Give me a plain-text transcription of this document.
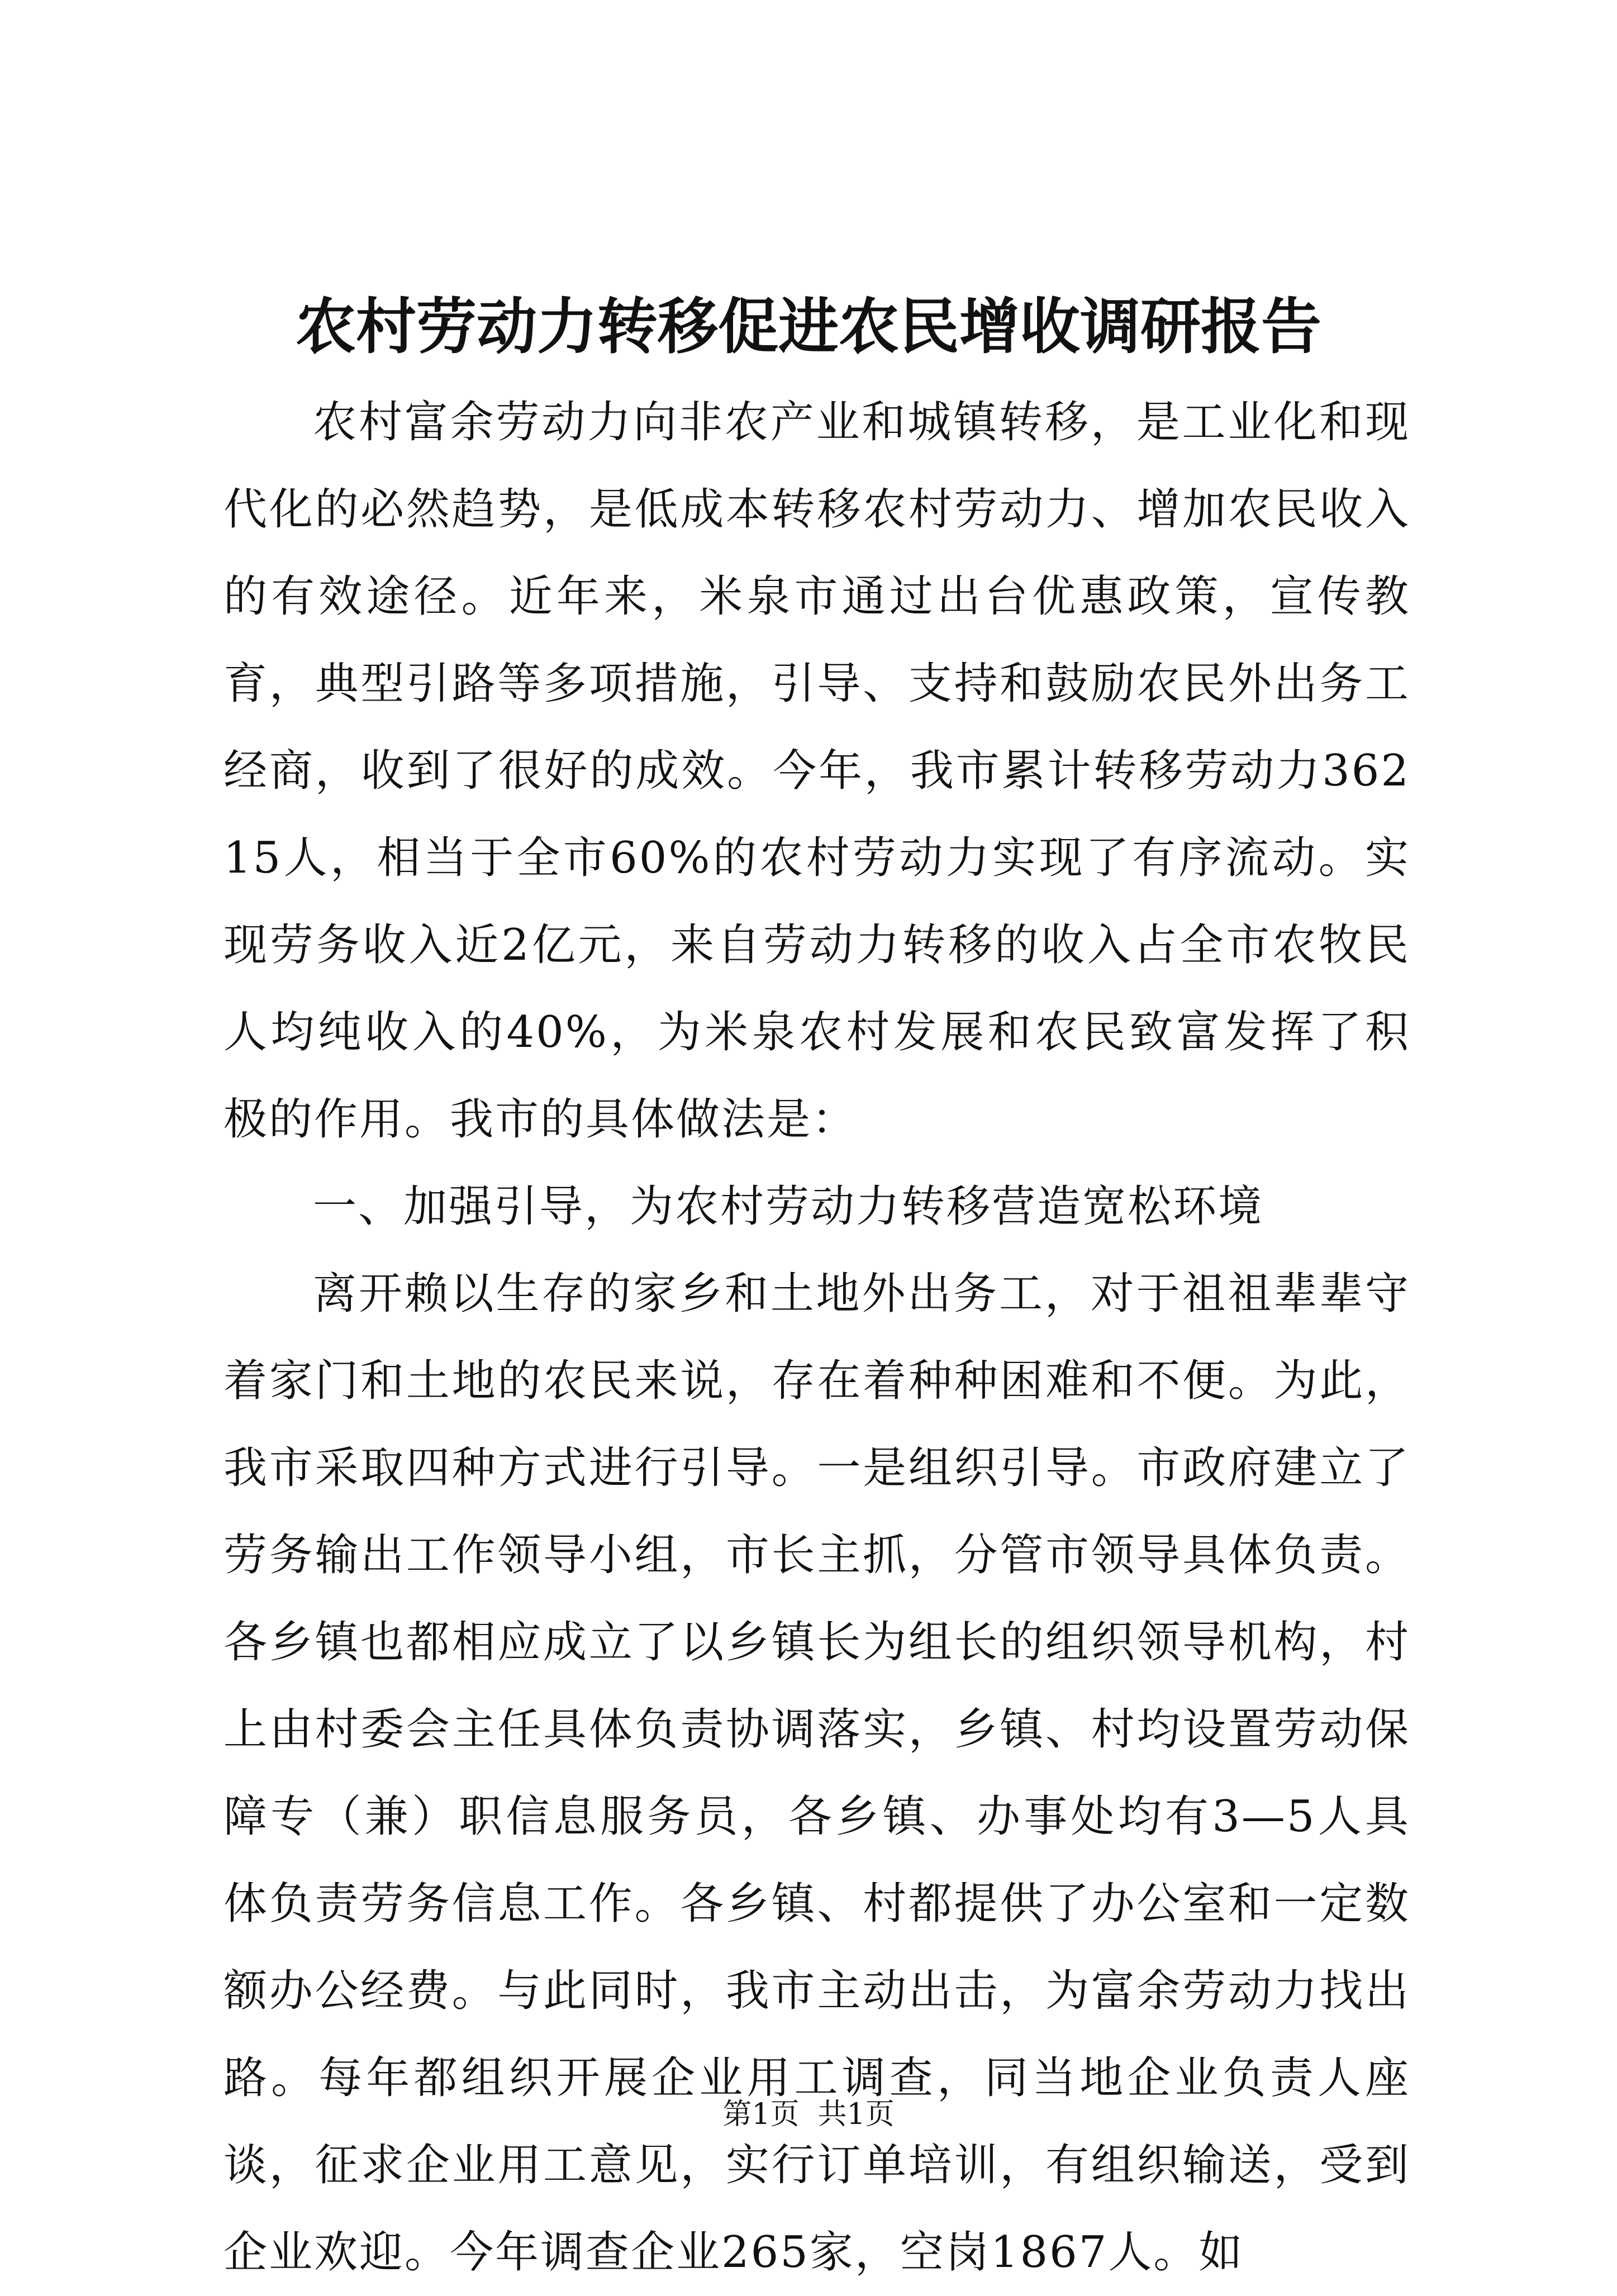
农村劳动力转移促进农民增收调研报告

农村富余劳动力向非农产业和城镇转移，是工业化和现代化的必然趋势，是低成本转移农村劳动力、增加农民收入的有效途径。近年来，米泉市通过出台优惠政策，宣传教育，典型引路等多项措施，引导、支持和鼓励农民外出务工经商，收到了很好的成效。今年，我市累计转移劳动力36215人，相当于全市60%的农村劳动力实现了有序流动。实现劳务收入近2亿元，来自劳动力转移的收入占全市农牧民人均纯收入的40%，为米泉农村发展和农民致富发挥了积极的作用。我市的具体做法是：

一、加强引导，为农村劳动力转移营造宽松环境

离开赖以生存的家乡和土地外出务工，对于祖祖辈辈守着家门和土地的农民来说，存在着种种困难和不便。为此，我市采取四种方式进行引导。一是组织引导。市政府建立了劳务输出工作领导小组，市长主抓，分管市领导具体负责。各乡镇也都相应成立了以乡镇长为组长的组织领导机构，村上由村委会主任具体负责协调落实，乡镇、村均设置劳动保障专（兼）职信息服务员，各乡镇、办事处均有3—5人具体负责劳务信息工作。各乡镇、村都提供了办公室和一定数额办公经费。与此同时，我市主动出击，为富余劳动力找出路。每年都组织开展企业用工调查，同当地企业负责人座谈，征求企业用工意见，实行订单培训，有组织输送，受到企业欢迎。今年调查企业265家，空岗1867人。如

第1页  共1页
